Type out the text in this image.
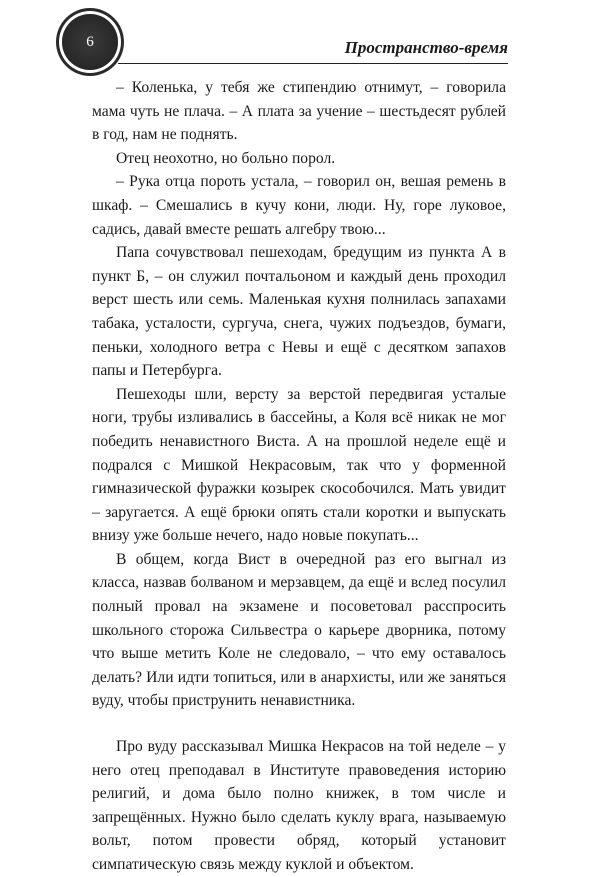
6	Пространство-время

– Коленька, у тебя же стипендию отнимут, – говорила мама чуть не плача. – А плата за учение – шестьдесят рублей в год, нам не поднять.

Отец неохотно, но больно порол.

– Рука отца пороть устала, – говорил он, вешая ремень в шкаф. – Смешались в кучу кони, люди. Ну, горе луковое, садись, давай вместе решать алгебру твою...

Папа сочувствовал пешеходам, бредущим из пункта А в пункт Б, – он служил почтальоном и каждый день проходил верст шесть или семь. Маленькая кухня полнилась запахами табака, усталости, сургуча, снега, чужих подъездов, бумаги, пеньки, холодного ветра с Невы и ещё с десятком запахов папы и Петербурга.

Пешеходы шли, версту за верстой передвигая усталые ноги, трубы изливались в бассейны, а Коля всё никак не мог победить ненавистного Виста. А на прошлой неделе ещё и подрался с Мишкой Некрасовым, так что у форменной гимназической фуражки козырек скособочился. Мать увидит – заругается. А ещё брюки опять стали коротки и выпускать внизу уже больше нечего, надо новые покупать...

В общем, когда Вист в очередной раз его выгнал из класса, назвав болваном и мерзавцем, да ещё и вслед посулил полный провал на экзамене и посоветовал расспросить школьного сторожа Сильвестра о карьере дворника, потому что выше метить Коле не следовало, – что ему оставалось делать? Или идти топиться, или в анархисты, или же заняться вуду, чтобы приструнить ненавистника.

Про вуду рассказывал Мишка Некрасов на той неделе – у него отец преподавал в Институте правоведения историю религий, и дома было полно книжек, в том числе и запрещённых. Нужно было сделать куклу врага, называемую вольт, потом провести обряд, который установит симпатическую связь между куклой и объектом.
